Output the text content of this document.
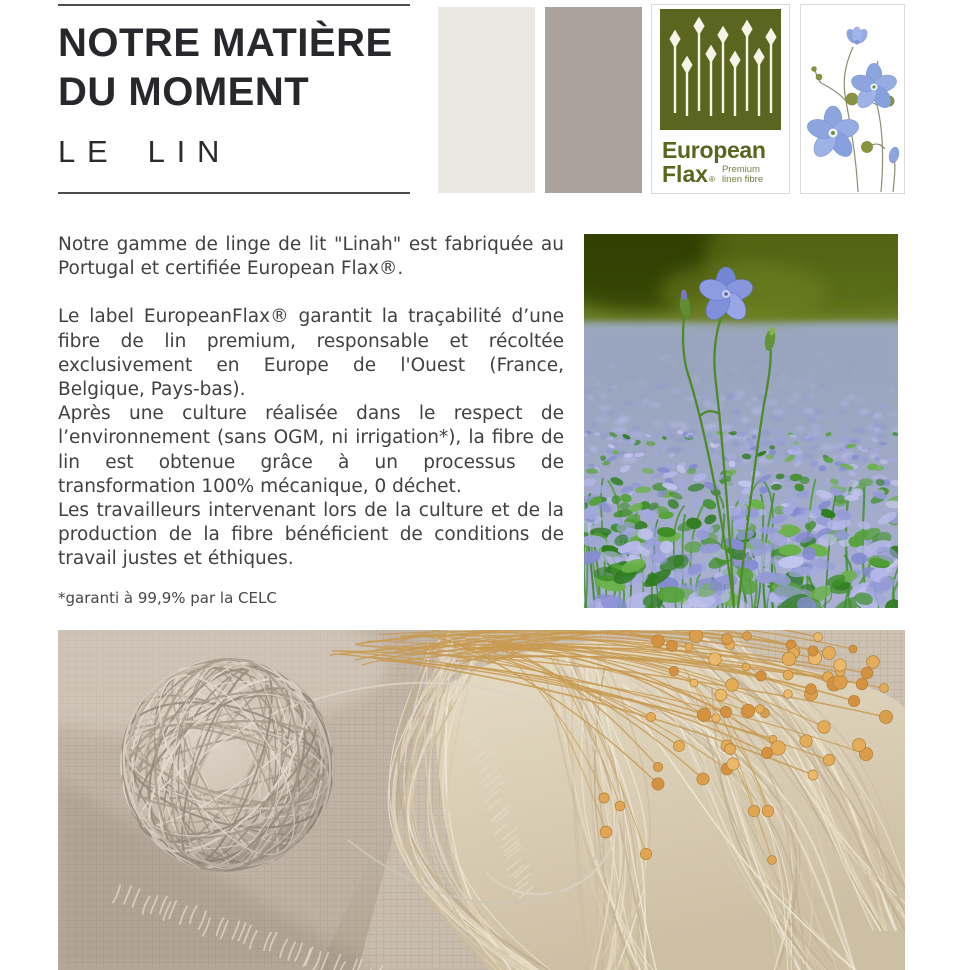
NOTRE MATIÈRE
DU MOMENT
LE LIN	European
Flax ®
Premium
linen fibre

Notre gamme de linge de lit "Linah" est fabriquée au Portugal et certifiée European Flax®.

Le label EuropeanFlax® garantit la traçabilité d’une fibre de lin premium, responsable et récoltée exclusivement en Europe de l'Ouest (France, Belgique, Pays-bas).

Après une culture réalisée dans le respect de l’environnement (sans OGM, ni irrigation*), la fibre de lin est obtenue grâce à un processus de transformation 100% mécanique, 0 déchet.

Les travailleurs intervenant lors de la culture et de la production de la fibre bénéficient de conditions de travail justes et éthiques.

*garanti à 99,9% par la CELC
